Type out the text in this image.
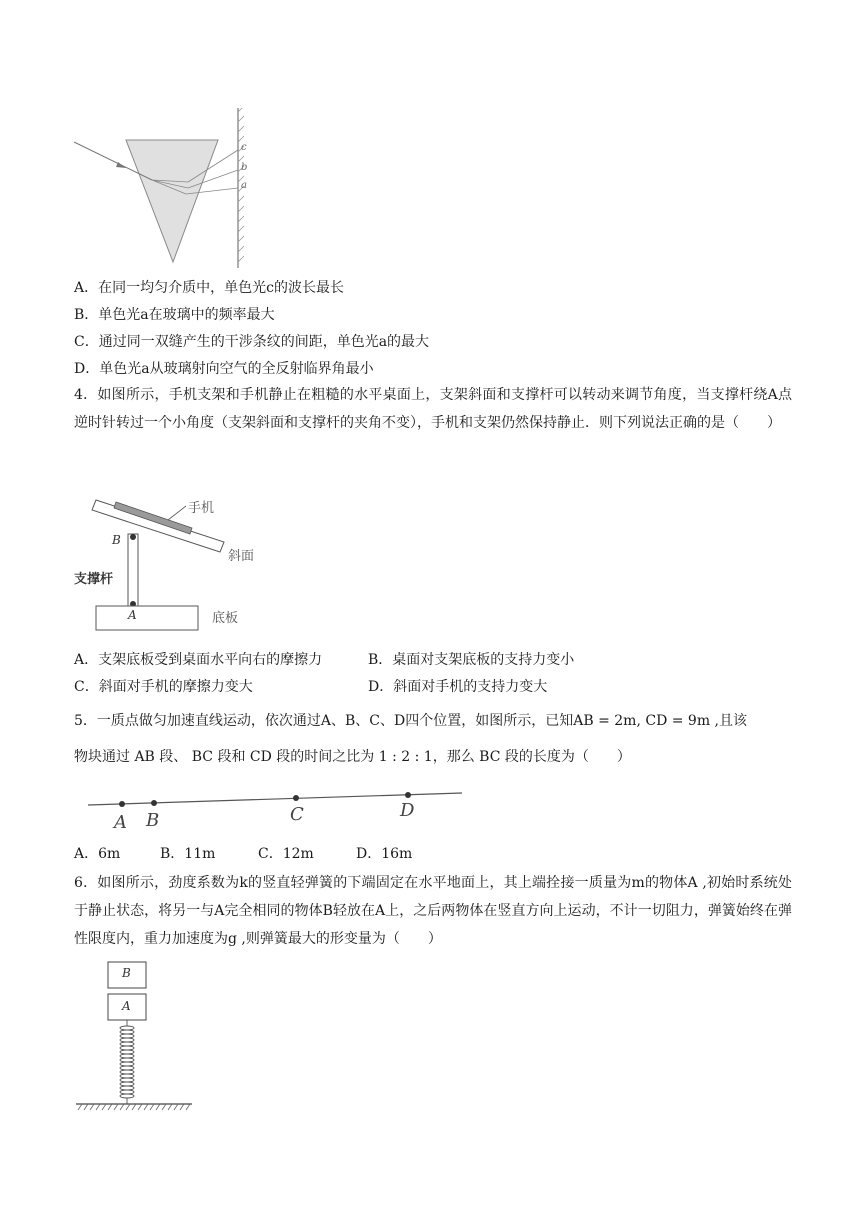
c
b
a
A．在同一均匀介质中，单色光c的波长最长
B．单色光a在玻璃中的频率最大
C．通过同一双缝产生的干涉条纹的间距，单色光a的最大
D．单色光a从玻璃射向空气的全反射临界角最小
4．如图所示，手机支架和手机静止在粗糙的水平桌面上，支架斜面和支撑杆可以转动来调节角度，当支撑杆绕A点逆时针转过一个小角度（支架斜面和支撑杆的夹角不变），手机和支架仍然保持静止．则下列说法正确的是（　　）
手机
斜面
支撑杆
底板
B
A
A．支架底板受到桌面水平向右的摩擦力	B．桌面对支架底板的支持力变小
C．斜面对手机的摩擦力变大	D．斜面对手机的支持力变大
5．一质点做匀加速直线运动，依次通过A、B、C、D四个位置，如图所示，已知AB = 2m, CD = 9m ,且该
物块通过 AB 段、 BC 段和 CD 段的时间之比为 1 : 2 : 1，那么 BC 段的长度为（　　）
A B	C	D
A．6m	B．11m	C．12m	D．16m
6．如图所示，劲度系数为k的竖直轻弹簧的下端固定在水平地面上，其上端拴接一质量为m的物体A ,初始时系统处于静止状态，将另一与A完全相同的物体B轻放在A上，之后两物体在竖直方向上运动，不计一切阻力，弹簧始终在弹性限度内，重力加速度为g ,则弹簧最大的形变量为（　　）
B
A
